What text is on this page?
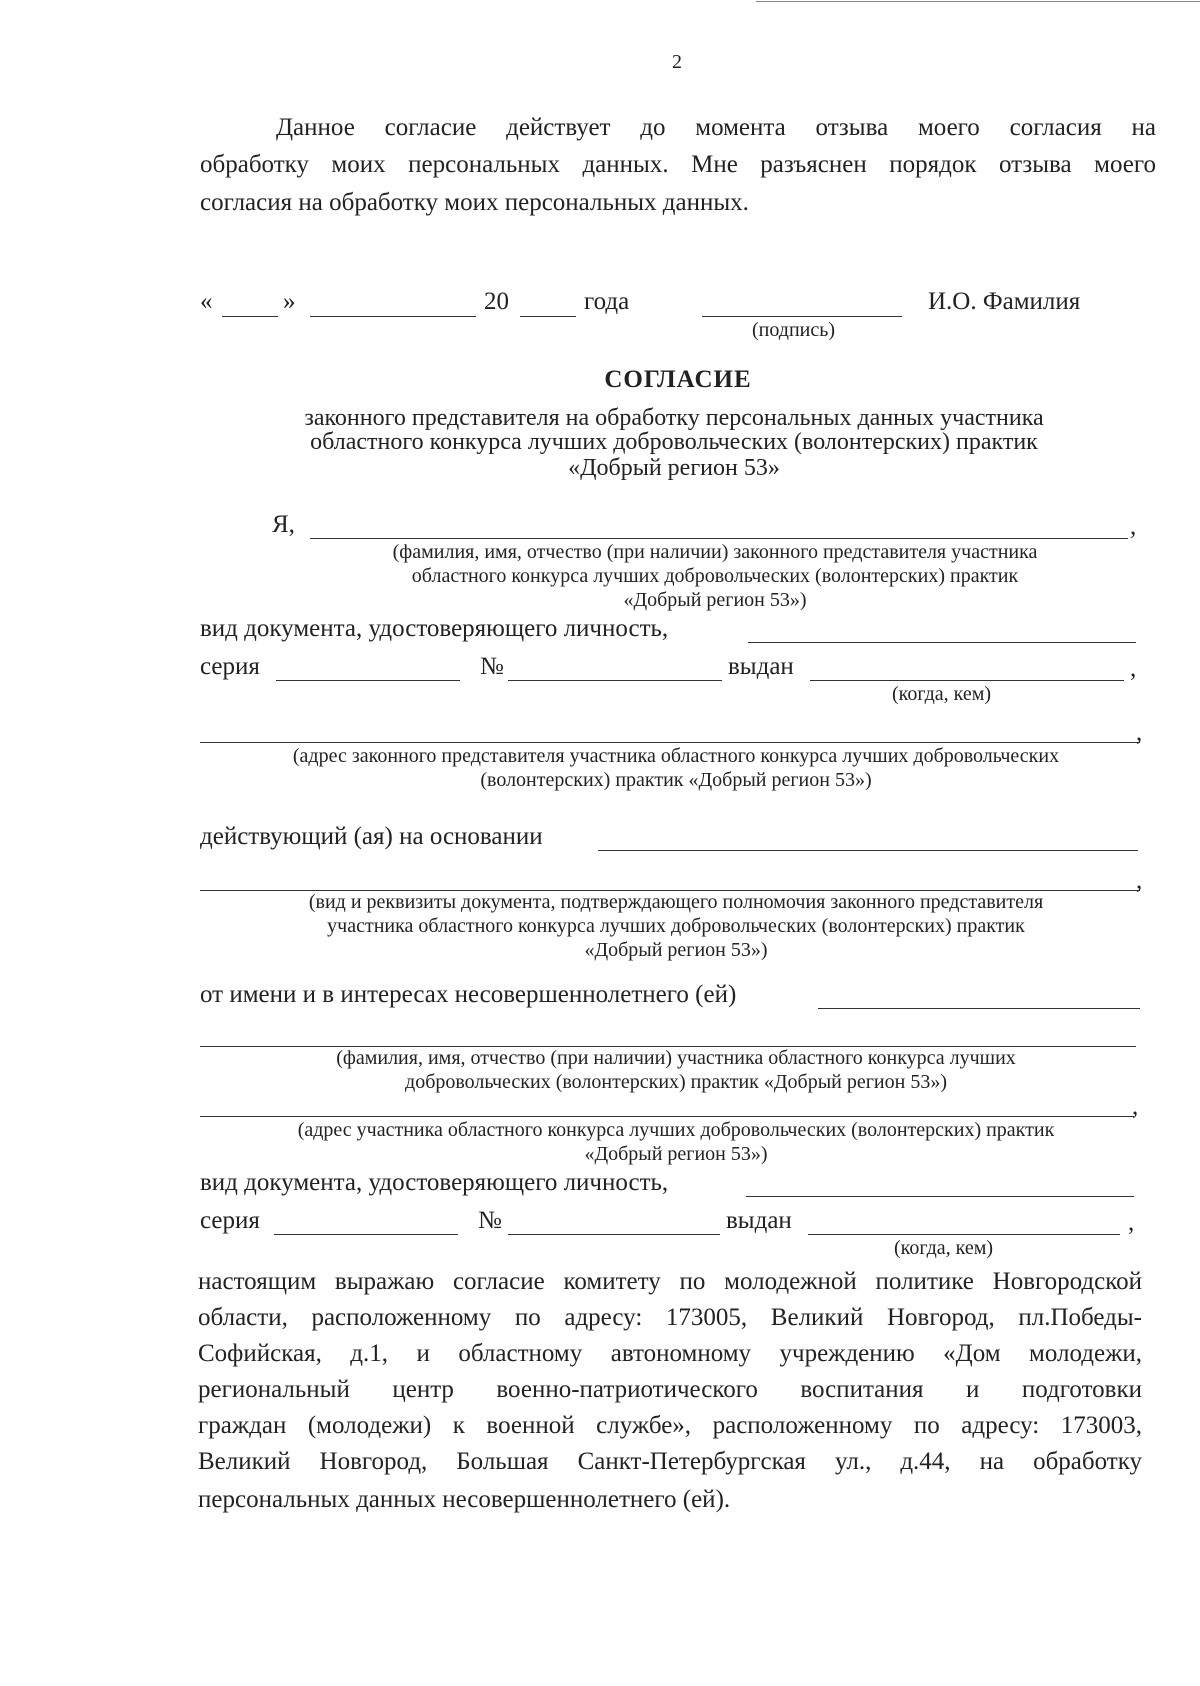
2
Данное согласие действует до момента отзыва моего согласия на
обработку моих персональных данных. Мне разъяснен порядок отзыва моего
согласия на обработку моих персональных данных.
«	»	20	года	И.О. Фамилия
(подпись)
СОГЛАСИЕ
законного представителя на обработку персональных данных участника
областного конкурса лучших добровольческих (волонтерских) практик
«Добрый регион 53»
Я,	,
(фамилия, имя, отчество (при наличии) законного представителя участника
областного конкурса лучших добровольческих (волонтерских) практик
«Добрый регион 53»)
вид документа, удостоверяющего личность,
серия	№	выдан	,
(когда, кем)
,
(адрес законного представителя участника областного конкурса лучших добровольческих
(волонтерских) практик «Добрый регион 53»)
действующий (ая) на основании
,
(вид и реквизиты документа, подтверждающего полномочия законного представителя
участника областного конкурса лучших добровольческих (волонтерских) практик
«Добрый регион 53»)
от имени и в интересах несовершеннолетнего (ей)
(фамилия, имя, отчество (при наличии) участника областного конкурса лучших
добровольческих (волонтерских) практик «Добрый регион 53»)
,
(адрес участника областного конкурса лучших добровольческих (волонтерских) практик
«Добрый регион 53»)
вид документа, удостоверяющего личность,
серия	№	выдан	,
(когда, кем)
настоящим выражаю согласие комитету по молодежной политике Новгородской
области, расположенному по адресу: 173005, Великий Новгород, пл.Победы-
Софийская, д.1, и областному автономному учреждению «Дом молодежи,
региональный центр военно-патриотического воспитания и подготовки
граждан (молодежи) к военной службе», расположенному по адресу: 173003,
Великий Новгород, Большая Санкт-Петербургская ул., д.44, на обработку
персональных данных несовершеннолетнего (ей).
